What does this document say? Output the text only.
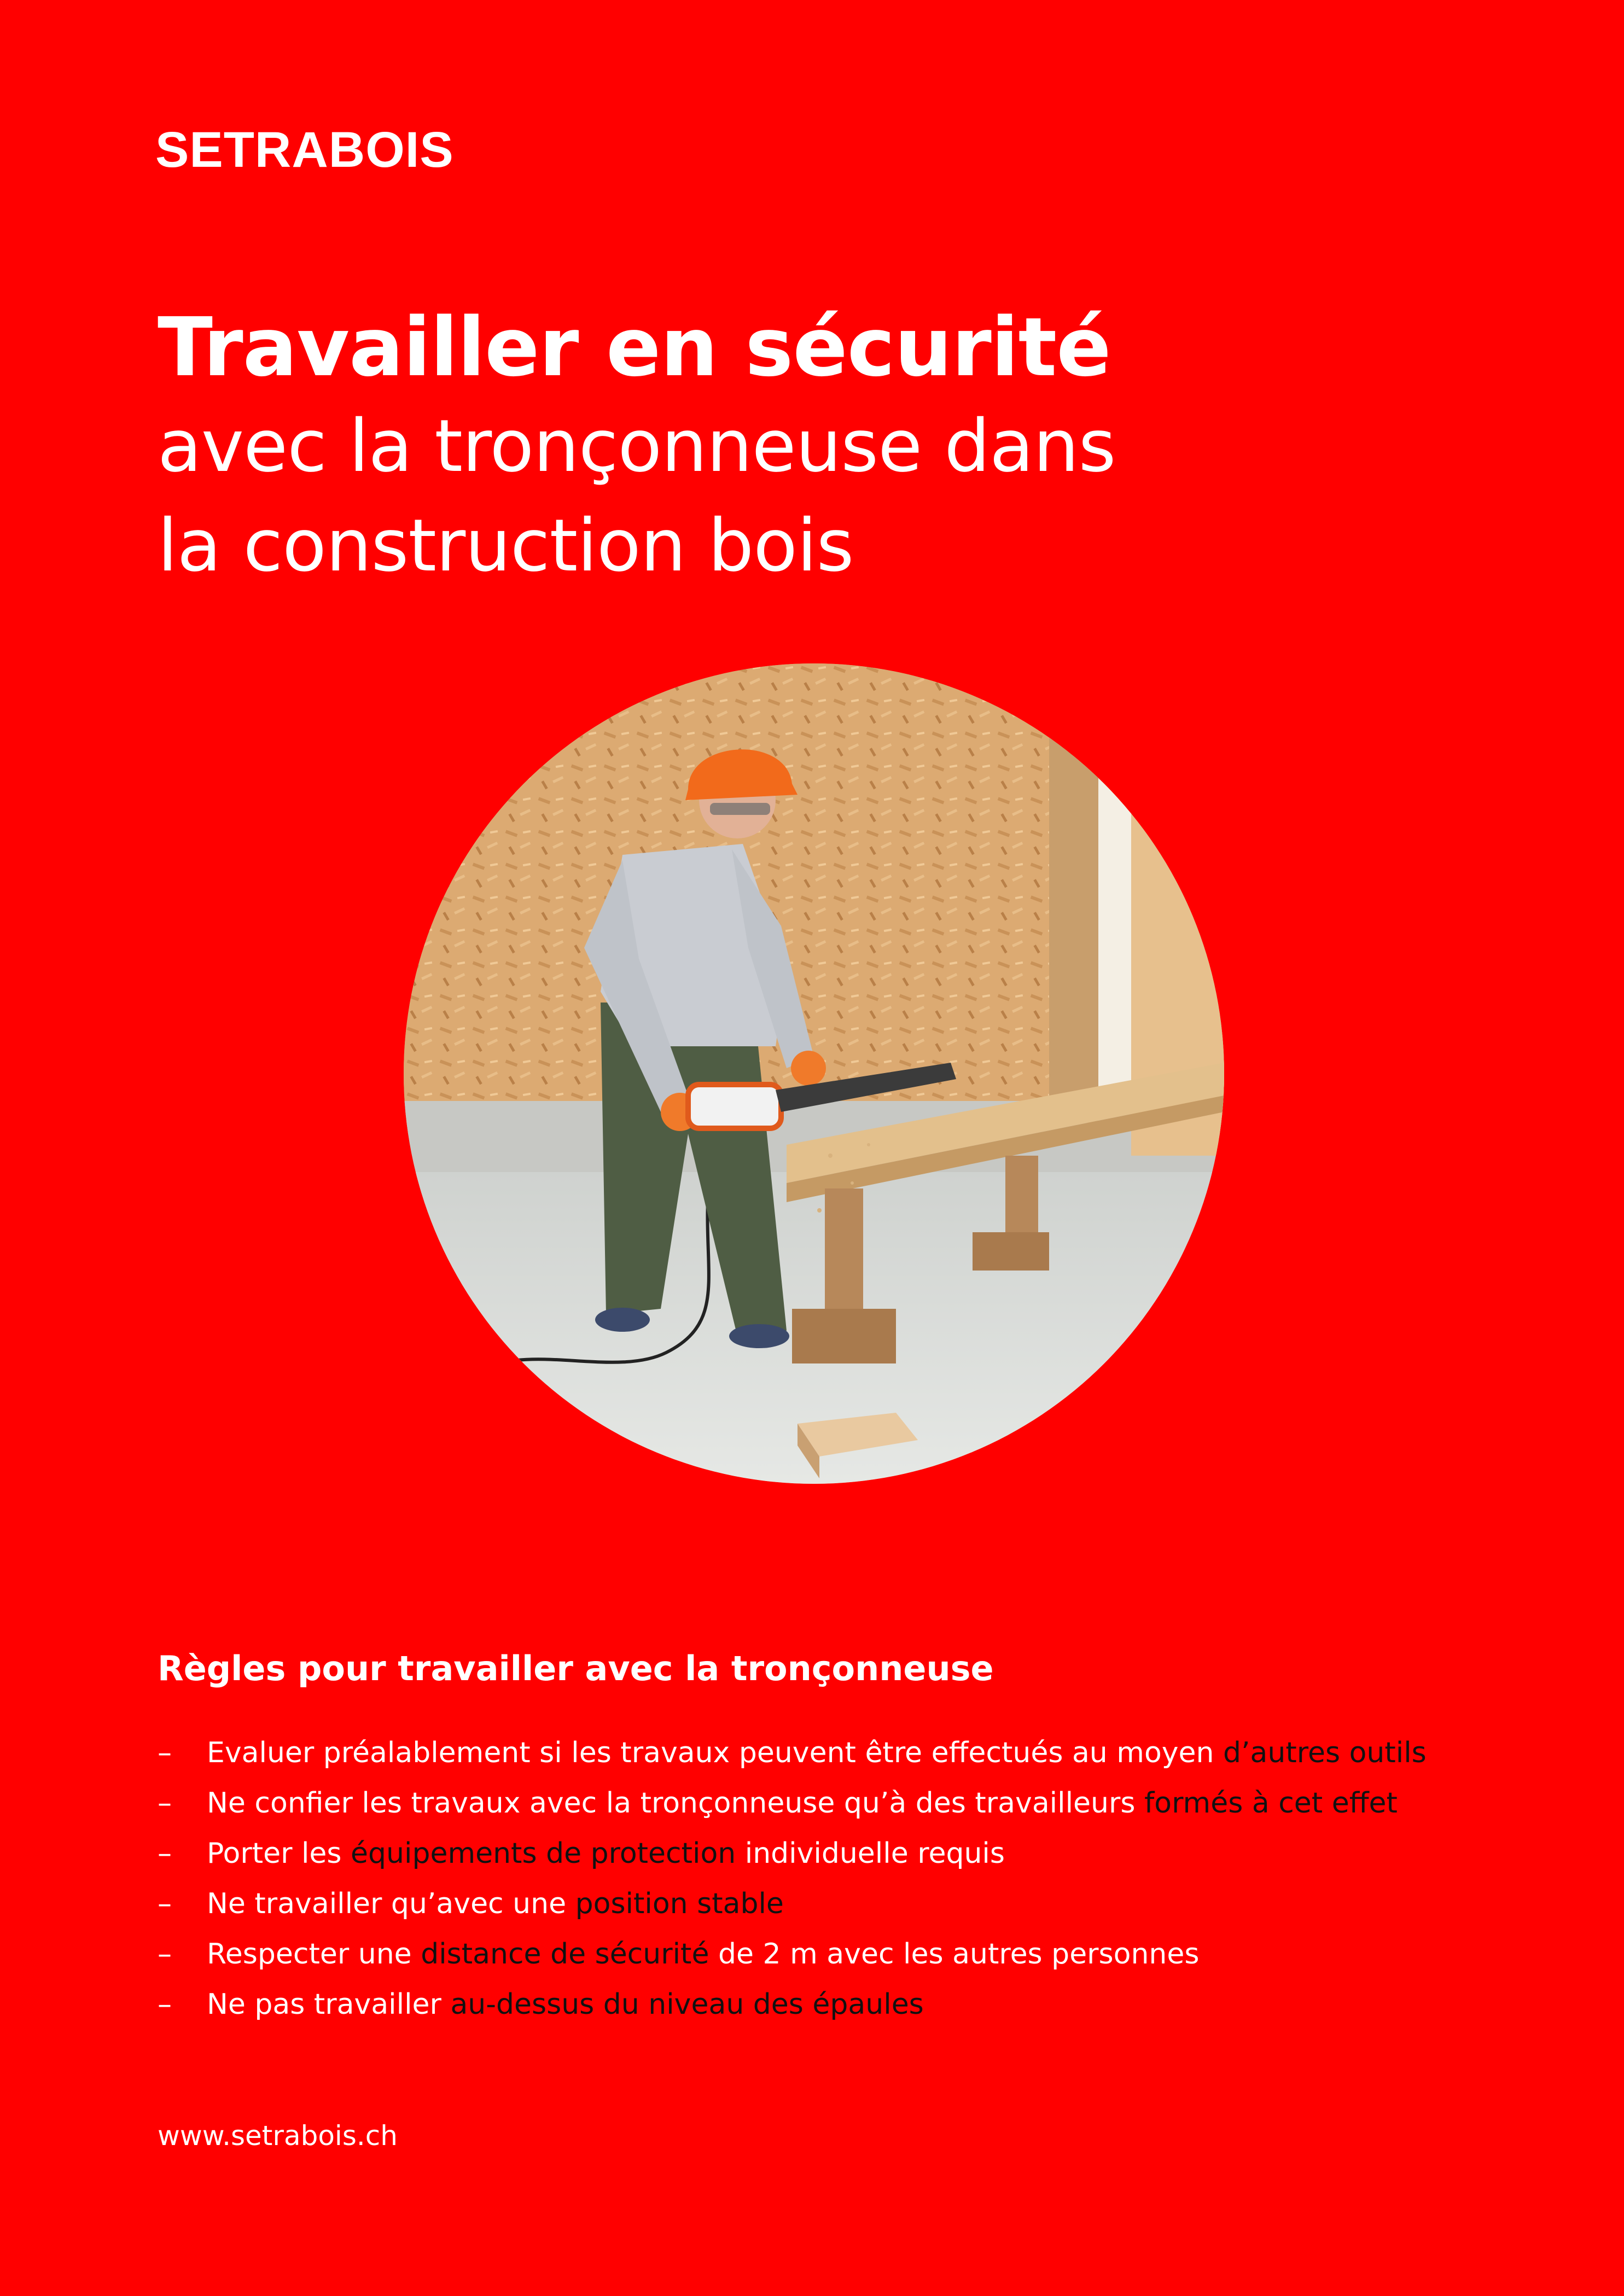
SETRABOIS
Travailler en sécurité
avec la tronçonneuse dans
la construction bois
Règles pour travailler avec la tronçonneuse
–	Evaluer préalablement si les travaux peuvent être effectués au moyen d’autres outils
–	Ne confier les travaux avec la tronçonneuse qu’à des travailleurs formés à cet effet
–	Porter les équipements de protection individuelle requis
–	Ne travailler qu’avec une position stable
–	Respecter une distance de sécurité de 2 m avec les autres personnes
–	Ne pas travailler au-dessus du niveau des épaules
www.setrabois.ch
